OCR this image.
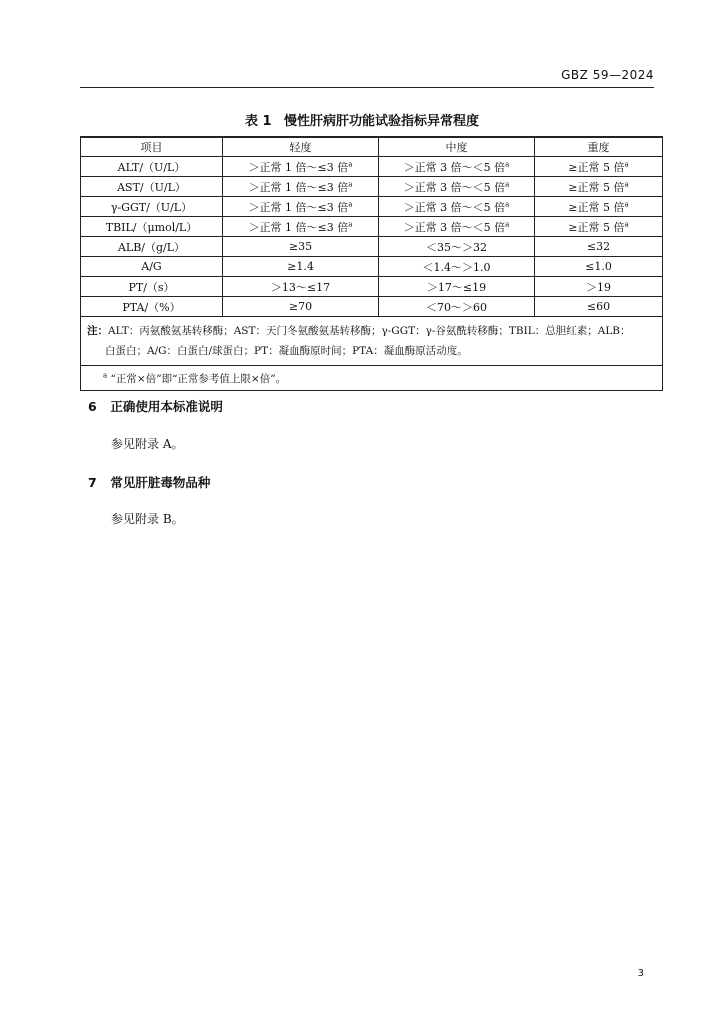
GBZ 59—2024
表 1 慢性肝病肝功能试验指标异常程度
项目	轻度	中度	重度
ALT/（U/L）	＞正常 1 倍～≤3 倍$^a$	＞正常 3 倍～＜5 倍$^a$	≥正常 5 倍$^a$
AST/（U/L）	＞正常 1 倍～≤3 倍$^a$	＞正常 3 倍～＜5 倍$^a$	≥正常 5 倍$^a$
γ-GGT/（U/L）	＞正常 1 倍～≤3 倍$^a$	＞正常 3 倍～＜5 倍$^a$	≥正常 5 倍$^a$
TBIL/（μmol/L）	＞正常 1 倍～≤3 倍$^a$	＞正常 3 倍～＜5 倍$^a$	≥正常 5 倍$^a$
ALB/（g/L）	≥35	＜35～＞32	≤32
A/G	≥1.4	＜1.4～＞1.0	≤1.0
PT/（s）	＞13～≤17	＞17～≤19	＞19
PTA/（%）	≥70	＜70～＞60	≤60

注：ALT：丙氨酸氨基转移酶；AST：天门冬氨酸氨基转移酶；γ-GGT：γ-谷氨酰转移酶；TBIL：总胆红素；ALB：
白蛋白；A/G：白蛋白/球蛋白；PT：凝血酶原时间；PTA：凝血酶原活动度。			

$^a$ “正常×倍”即“正常参考值上限×倍”。			
6 正确使用本标准说明
参见附录 A。
7 常见肝脏毒物品种
参见附录 B。
3
